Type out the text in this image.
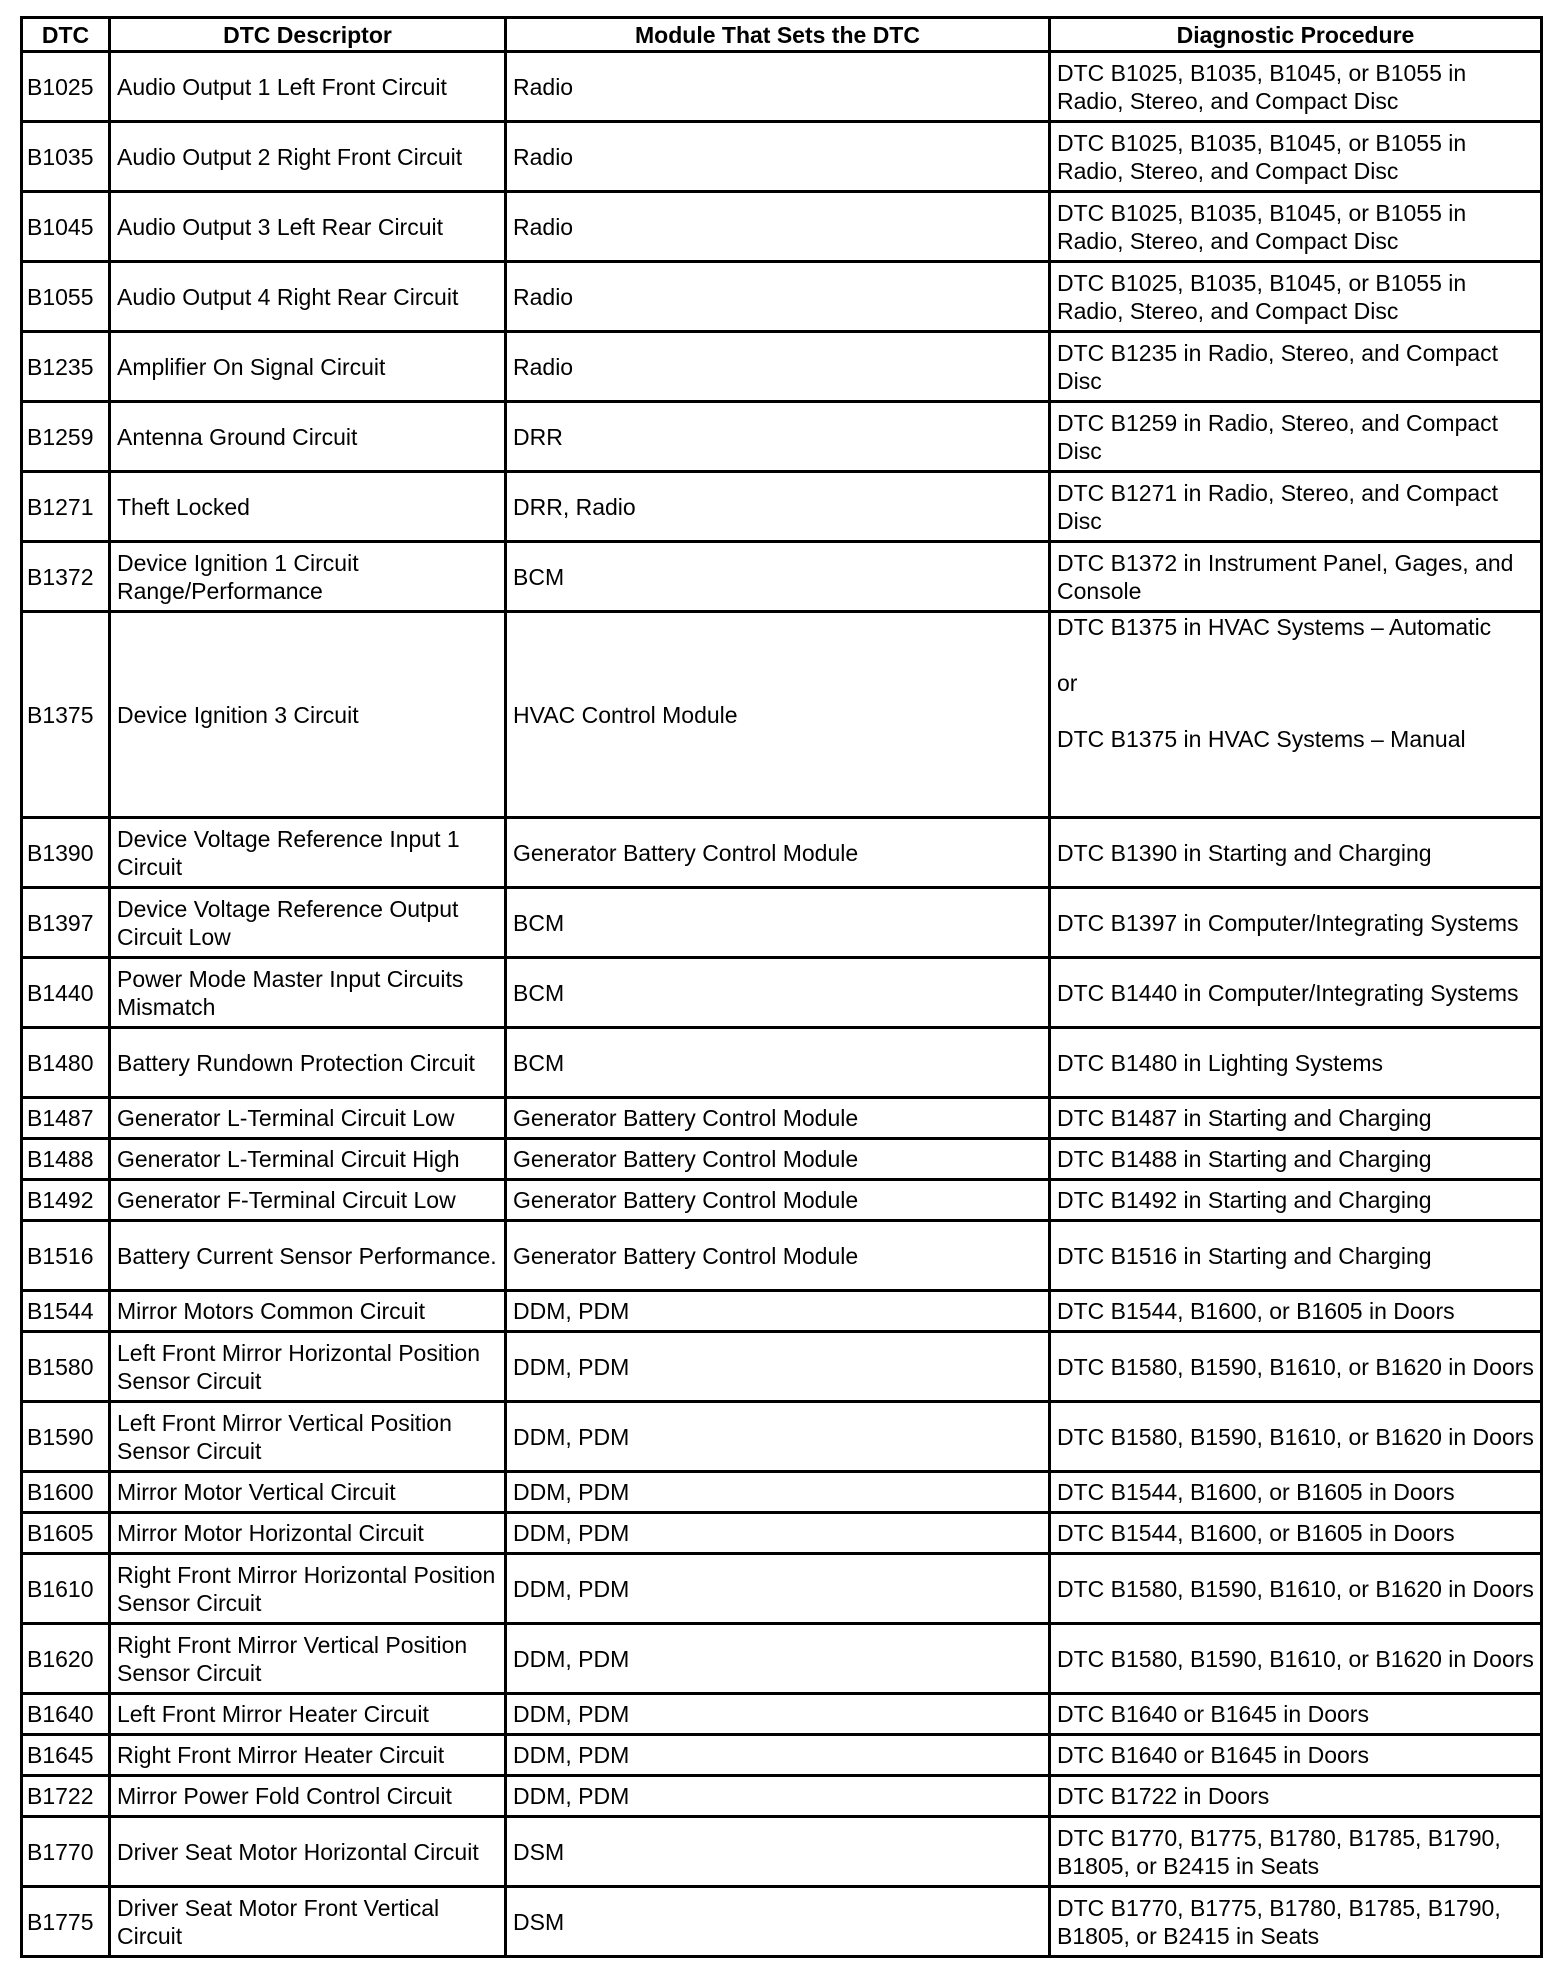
DTC	DTC Descriptor	Module That Sets the DTC	Diagnostic Procedure
B1025	Audio Output 1 Left Front Circuit	Radio	DTC B1025, B1035, B1045, or B1055 in Radio, Stereo, and Compact Disc
B1035	Audio Output 2 Right Front Circuit	Radio	DTC B1025, B1035, B1045, or B1055 in Radio, Stereo, and Compact Disc
B1045	Audio Output 3 Left Rear Circuit	Radio	DTC B1025, B1035, B1045, or B1055 in Radio, Stereo, and Compact Disc
B1055	Audio Output 4 Right Rear Circuit	Radio	DTC B1025, B1035, B1045, or B1055 in Radio, Stereo, and Compact Disc
B1235	Amplifier On Signal Circuit	Radio	DTC B1235 in Radio, Stereo, and Compact Disc
B1259	Antenna Ground Circuit	DRR	DTC B1259 in Radio, Stereo, and Compact Disc
B1271	Theft Locked	DRR, Radio	DTC B1271 in Radio, Stereo, and Compact Disc
B1372	Device Ignition 1 Circuit Range/Performance	BCM	DTC B1372 in Instrument Panel, Gages, and Console
B1375	Device Ignition 3 Circuit	HVAC Control Module	DTC B1375 in HVAC Systems – Automatic

or

DTC B1375 in HVAC Systems – Manual
B1390	Device Voltage Reference Input 1 Circuit	Generator Battery Control Module	DTC B1390 in Starting and Charging
B1397	Device Voltage Reference Output Circuit Low	BCM	DTC B1397 in Computer/Integrating Systems
B1440	Power Mode Master Input Circuits Mismatch	BCM	DTC B1440 in Computer/Integrating Systems
B1480	Battery Rundown Protection Circuit	BCM	DTC B1480 in Lighting Systems
B1487	Generator L-Terminal Circuit Low	Generator Battery Control Module	DTC B1487 in Starting and Charging
B1488	Generator L-Terminal Circuit High	Generator Battery Control Module	DTC B1488 in Starting and Charging
B1492	Generator F-Terminal Circuit Low	Generator Battery Control Module	DTC B1492 in Starting and Charging
B1516	Battery Current Sensor Performance.	Generator Battery Control Module	DTC B1516 in Starting and Charging
B1544	Mirror Motors Common Circuit	DDM, PDM	DTC B1544, B1600, or B1605 in Doors
B1580	Left Front Mirror Horizontal Position Sensor Circuit	DDM, PDM	DTC B1580, B1590, B1610, or B1620 in Doors
B1590	Left Front Mirror Vertical Position Sensor Circuit	DDM, PDM	DTC B1580, B1590, B1610, or B1620 in Doors
B1600	Mirror Motor Vertical Circuit	DDM, PDM	DTC B1544, B1600, or B1605 in Doors
B1605	Mirror Motor Horizontal Circuit	DDM, PDM	DTC B1544, B1600, or B1605 in Doors
B1610	Right Front Mirror Horizontal Position Sensor Circuit	DDM, PDM	DTC B1580, B1590, B1610, or B1620 in Doors
B1620	Right Front Mirror Vertical Position Sensor Circuit	DDM, PDM	DTC B1580, B1590, B1610, or B1620 in Doors
B1640	Left Front Mirror Heater Circuit	DDM, PDM	DTC B1640 or B1645 in Doors
B1645	Right Front Mirror Heater Circuit	DDM, PDM	DTC B1640 or B1645 in Doors
B1722	Mirror Power Fold Control Circuit	DDM, PDM	DTC B1722 in Doors
B1770	Driver Seat Motor Horizontal Circuit	DSM	DTC B1770, B1775, B1780, B1785, B1790, B1805, or B2415 in Seats
B1775	Driver Seat Motor Front Vertical Circuit	DSM	DTC B1770, B1775, B1780, B1785, B1790, B1805, or B2415 in Seats
